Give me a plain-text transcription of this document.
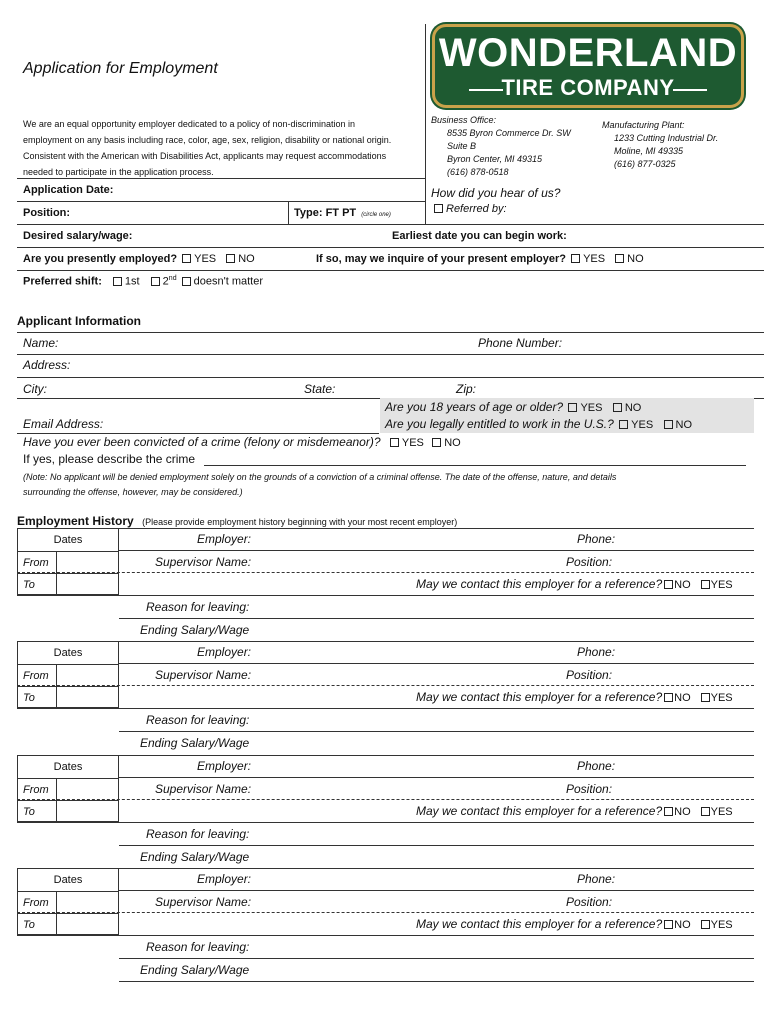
Application for Employment
We are an equal opportunity employer dedicated to a policy of non-discrimination in
employment on any basis including race, color, age, sex, religion, disability or national origin.
Consistent with the American with Disabilities Act, applicants may request accommodations
needed to participate in the application process.
WONDERLAND
TIRE COMPANY
Business Office:
8535 Byron Commerce Dr. SW
Suite B
Byron Center, MI 49315
(616) 878-0518
Manufacturing Plant:
1233 Cutting Industrial Dr.
Moline, MI 49335
(616) 877-0325
Application Date:
Position:	Type: FT PT (circle one)
How did you hear of us?
Referred by:
Desired salary/wage:	Earliest date you can begin work:
Are you presently employed? YES NO	If so, may we inquire of your present employer? YES NO
Preferred shift: 1st 2nd doesn't matter
Applicant Information
Name:	Phone Number:
Address:
City:	State:	Zip:
Are you 18 years of age or older? YES NO
Are you legally entitled to work in the U.S.? YES NO
Email Address:
Have you ever been convicted of a crime (felony or misdemeanor)? YES NO
If yes, please describe the crime
(Note: No applicant will be denied employment solely on the grounds of a conviction of a criminal offense. The date of the offense, nature, and details
surrounding the offense, however, may be considered.)
Employment History (Please provide employment history beginning with your most recent employer)
Dates
From
To
Employer:	Phone:
Supervisor Name:	Position:
May we contact this employer for a reference? NO YES
Reason for leaving:
Ending Salary/Wage
Dates
From
To
Employer:	Phone:
Supervisor Name:	Position:
May we contact this employer for a reference? NO YES
Reason for leaving:
Ending Salary/Wage
Dates
From
To
Employer:	Phone:
Supervisor Name:	Position:
May we contact this employer for a reference? NO YES
Reason for leaving:
Ending Salary/Wage
Dates
From
To
Employer:	Phone:
Supervisor Name:	Position:
May we contact this employer for a reference? NO YES
Reason for leaving:
Ending Salary/Wage
